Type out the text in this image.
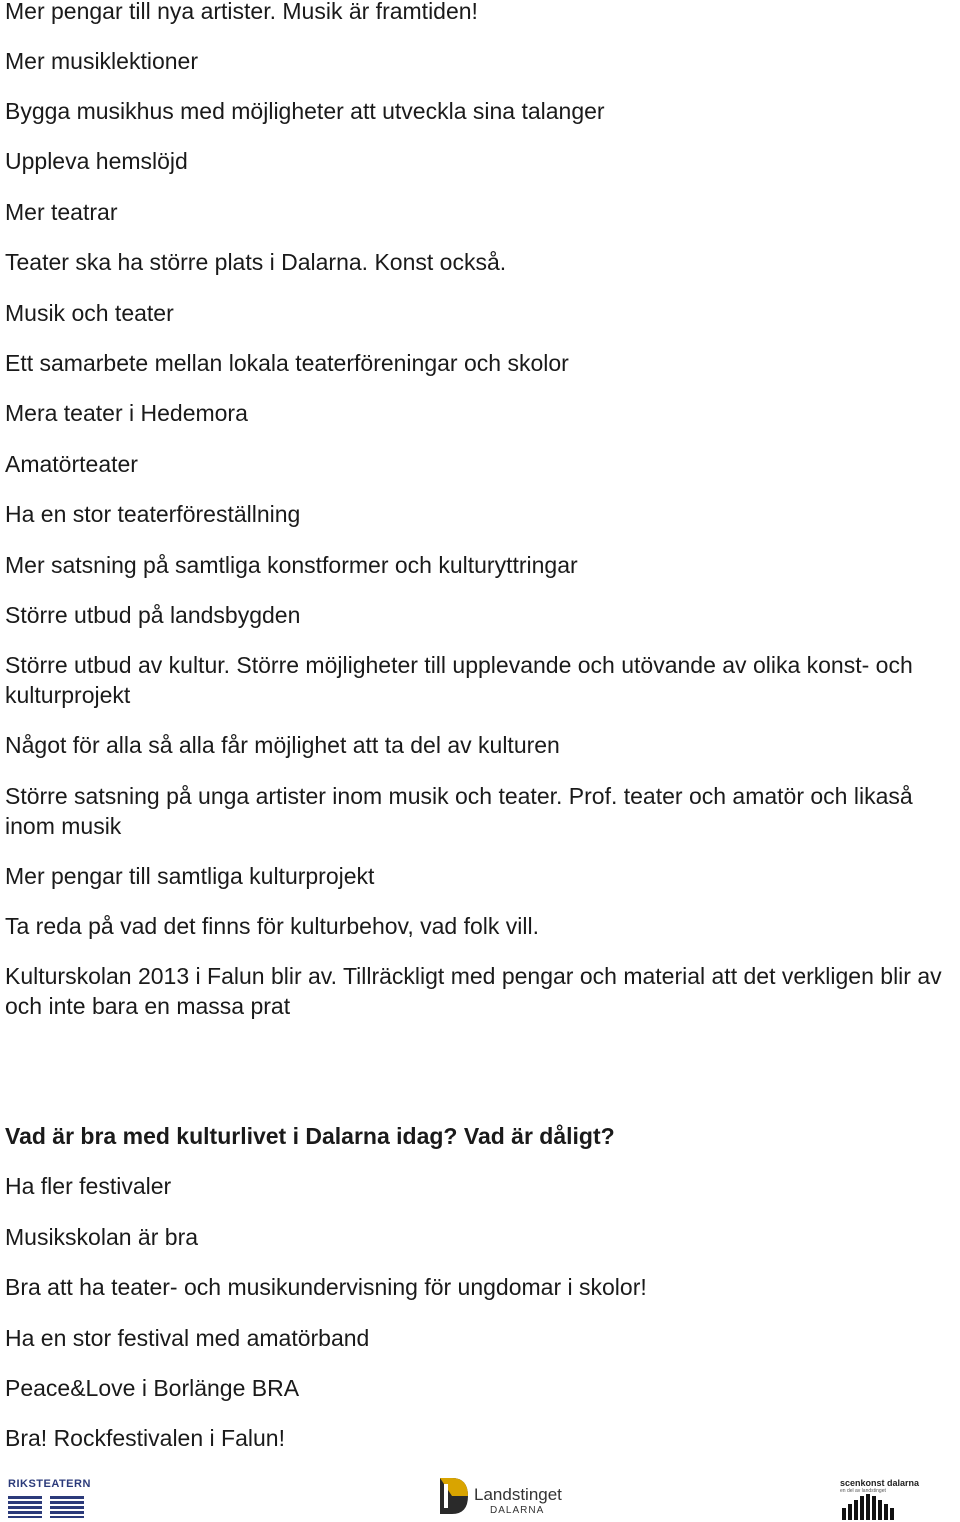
Mer pengar till nya artister. Musik är framtiden!

Mer musiklektioner

Bygga musikhus med möjligheter att utveckla sina talanger

Uppleva hemslöjd

Mer teatrar

Teater ska ha större plats i Dalarna. Konst också.

Musik och teater

Ett samarbete mellan lokala teaterföreningar och skolor

Mera teater i Hedemora

Amatörteater

Ha en stor teaterföreställning

Mer satsning på samtliga konstformer och kulturyttringar

Större utbud på landsbygden

Större utbud av kultur. Större möjligheter till upplevande och utövande av olika konst- och kulturprojekt

Något för alla så alla får möjlighet att ta del av kulturen

Större satsning på unga artister inom musik och teater. Prof. teater och amatör och likaså inom musik

Mer pengar till samtliga kulturprojekt

Ta reda på vad det finns för kulturbehov, vad folk vill.

Kulturskolan 2013 i Falun blir av. Tillräckligt med pengar och material att det verkligen blir av och inte bara en massa prat

Vad är bra med kulturlivet i Dalarna idag? Vad är dåligt?

Ha fler festivaler

Musikskolan är bra

Bra att ha teater- och musikundervisning för ungdomar i skolor!

Ha en stor festival med amatörband

Peace&Love i Borlänge BRA

Bra! Rockfestivalen i Falun!

RIKSTEATERN
Landstinget
DALARNA
scenkonst dalarna
en del av landstinget
